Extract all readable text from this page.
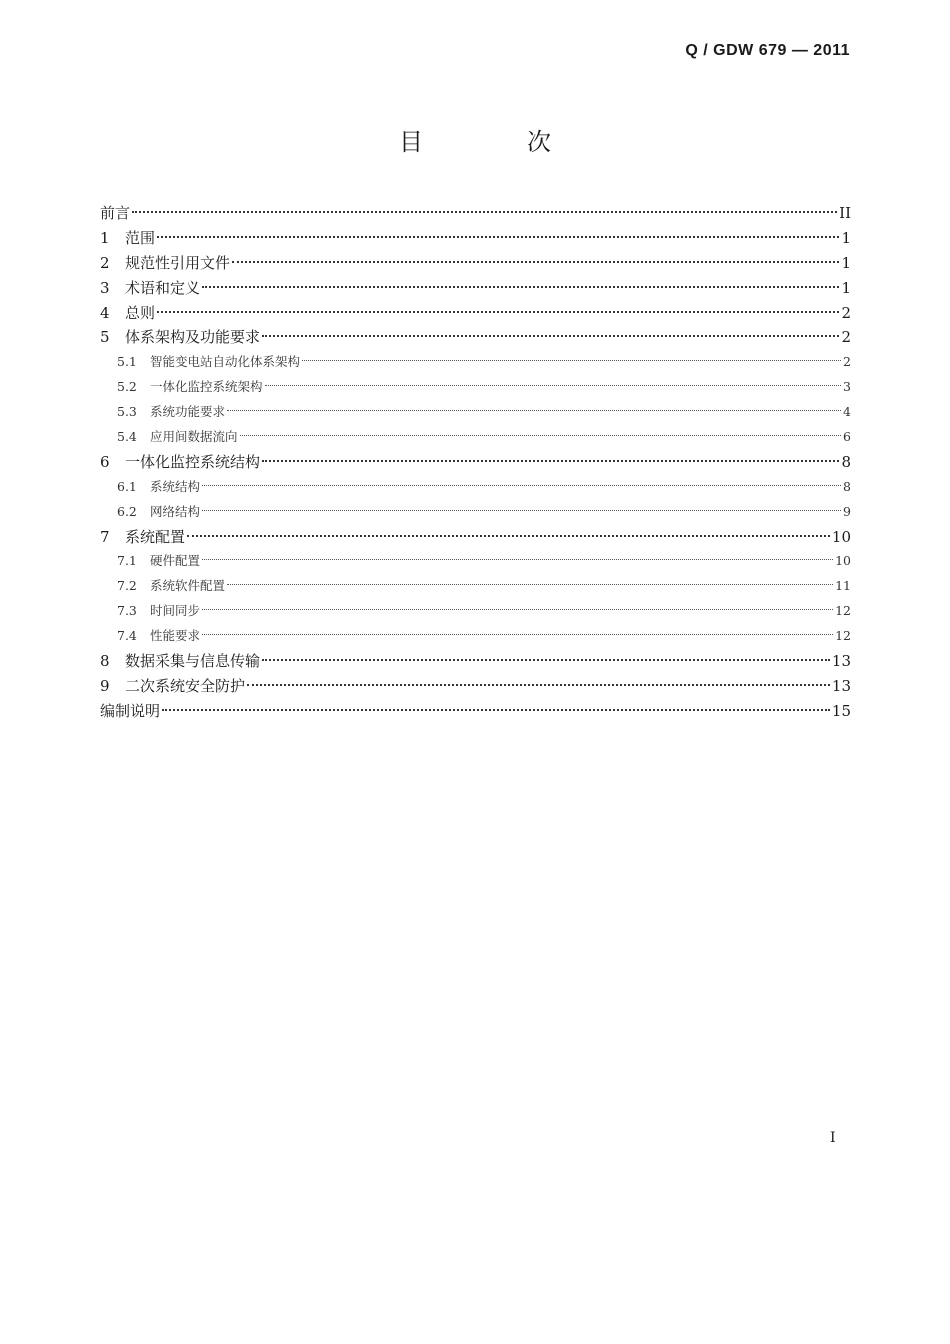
Q / GDW 679 — 2011
目　次
前言	II
1	范围	1
2	规范性引用文件	1
3	术语和定义	1
4	总则	2
5	体系架构及功能要求	2
5.1	智能变电站自动化体系架构	2
5.2	一体化监控系统架构	3
5.3	系统功能要求	4
5.4	应用间数据流向	6
6	一体化监控系统结构	8
6.1	系统结构	8
6.2	网络结构	9
7	系统配置	10
7.1	硬件配置	10
7.2	系统软件配置	11
7.3	时间同步	12
7.4	性能要求	12
8	数据采集与信息传输	13
9	二次系统安全防护	13
编制说明	15
I
